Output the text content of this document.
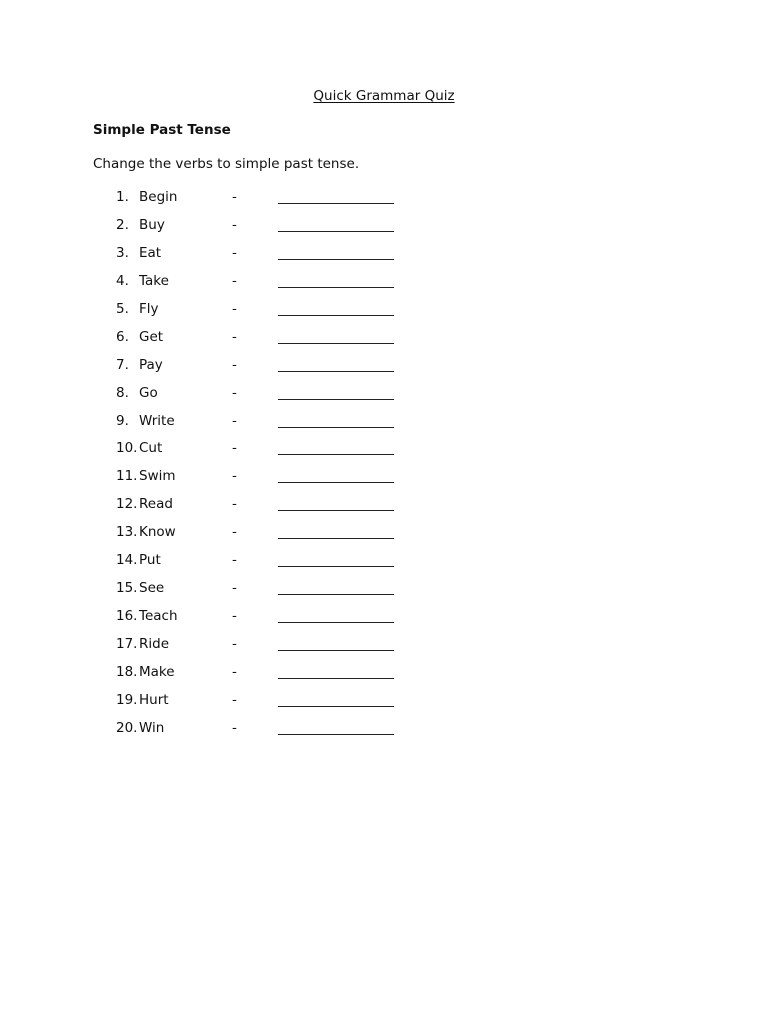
Quick Grammar Quiz
Simple Past Tense
Change the verbs to simple past tense.
1. Begin	-
2. Buy	-
3. Eat	-
4. Take	-
5. Fly	-
6. Get	-
7. Pay	-
8. Go	-
9. Write	-
10. Cut	-
11. Swim	-
12. Read	-
13. Know	-
14. Put	-
15. See	-
16. Teach	-
17. Ride	-
18. Make	-
19. Hurt	-
20. Win	-
